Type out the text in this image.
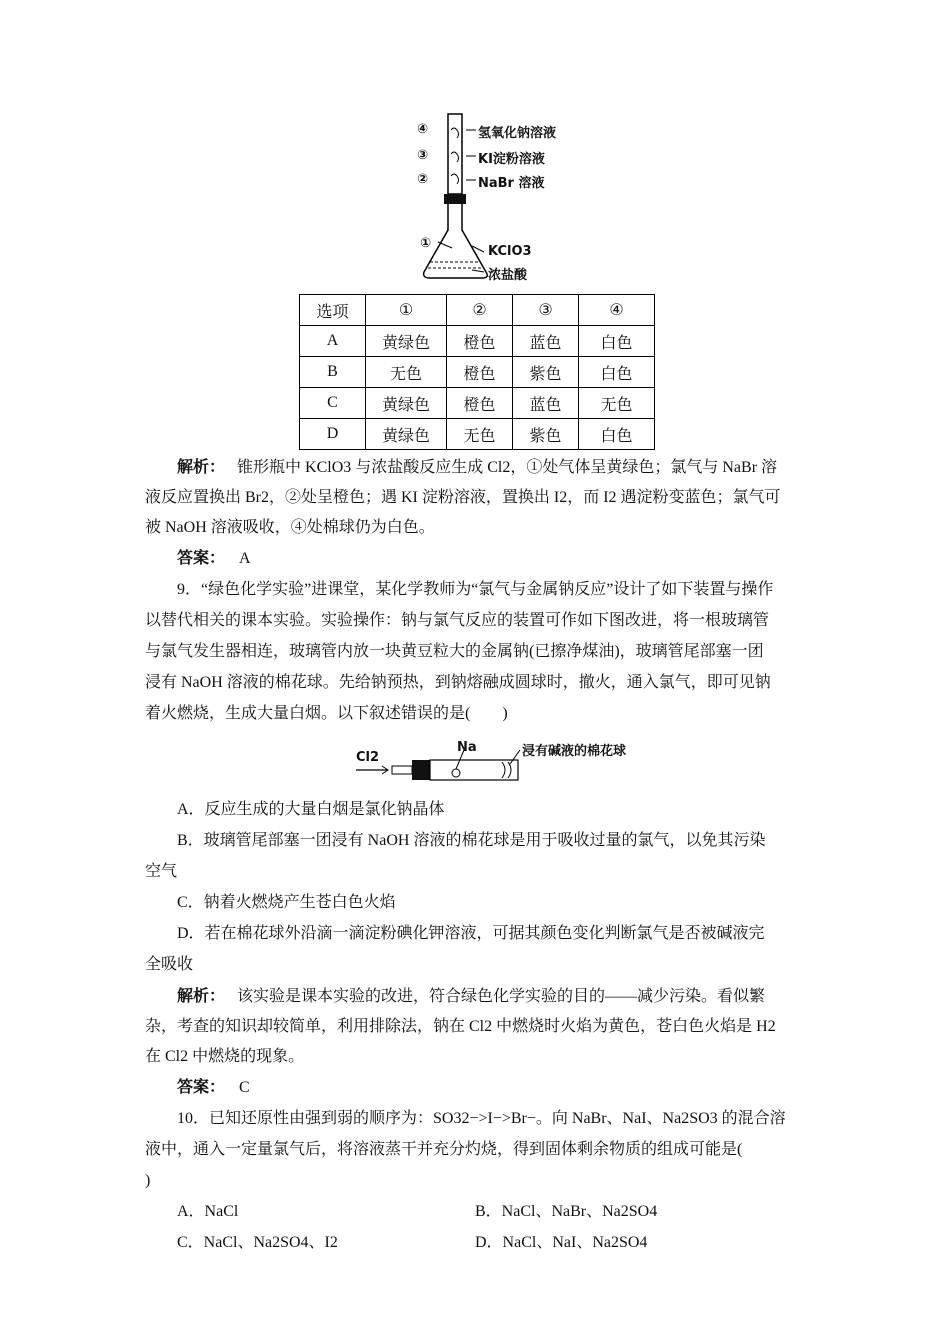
④	氢氧化钠溶液
③	KI淀粉溶液
②	NaBr 溶液
①
KClO3
浓盐酸
选项	①	②	③	④
A	黄绿色	橙色	蓝色	白色
B	无色	橙色	紫色	白色
C	黄绿色	橙色	蓝色	无色
D	黄绿色	无色	紫色	白色
解析： 锥形瓶中 KClO3 与浓盐酸反应生成 Cl2，①处气体呈黄绿色；氯气与 NaBr 溶
液反应置换出 Br2，②处呈橙色；遇 KI 淀粉溶液，置换出 I2，而 I2 遇淀粉变蓝色；氯气可
被 NaOH 溶液吸收，④处棉球仍为白色。
答案： A
9．“绿色化学实验”进课堂，某化学教师为“氯气与金属钠反应”设计了如下装置与操作
以替代相关的课本实验。实验操作：钠与氯气反应的装置可作如下图改进，将一根玻璃管
与氯气发生器相连，玻璃管内放一块黄豆粒大的金属钠(已擦净煤油)，玻璃管尾部塞一团
浸有 NaOH 溶液的棉花球。先给钠预热，到钠熔融成圆球时，撤火，通入氯气，即可见钠
着火燃烧，生成大量白烟。以下叙述错误的是(　　)
Cl2
Na	浸有碱液的棉花球
A．反应生成的大量白烟是氯化钠晶体
B．玻璃管尾部塞一团浸有 NaOH 溶液的棉花球是用于吸收过量的氯气，以免其污染
空气
C．钠着火燃烧产生苍白色火焰
D．若在棉花球外沿滴一滴淀粉碘化钾溶液，可据其颜色变化判断氯气是否被碱液完
全吸收
解析： 该实验是课本实验的改进，符合绿色化学实验的目的——减少污染。看似繁
杂，考查的知识却较简单，利用排除法，钠在 Cl2 中燃烧时火焰为黄色，苍白色火焰是 H2
在 Cl2 中燃烧的现象。
答案： C
10．已知还原性由强到弱的顺序为：SO32−>I−>Br−。向 NaBr、NaI、Na2SO3 的混合溶
液中，通入一定量氯气后，将溶液蒸干并充分灼烧，得到固体剩余物质的组成可能是(
)
A．NaCl	B．NaCl、NaBr、Na2SO4
C．NaCl、Na2SO4、I2	D．NaCl、NaI、Na2SO4
